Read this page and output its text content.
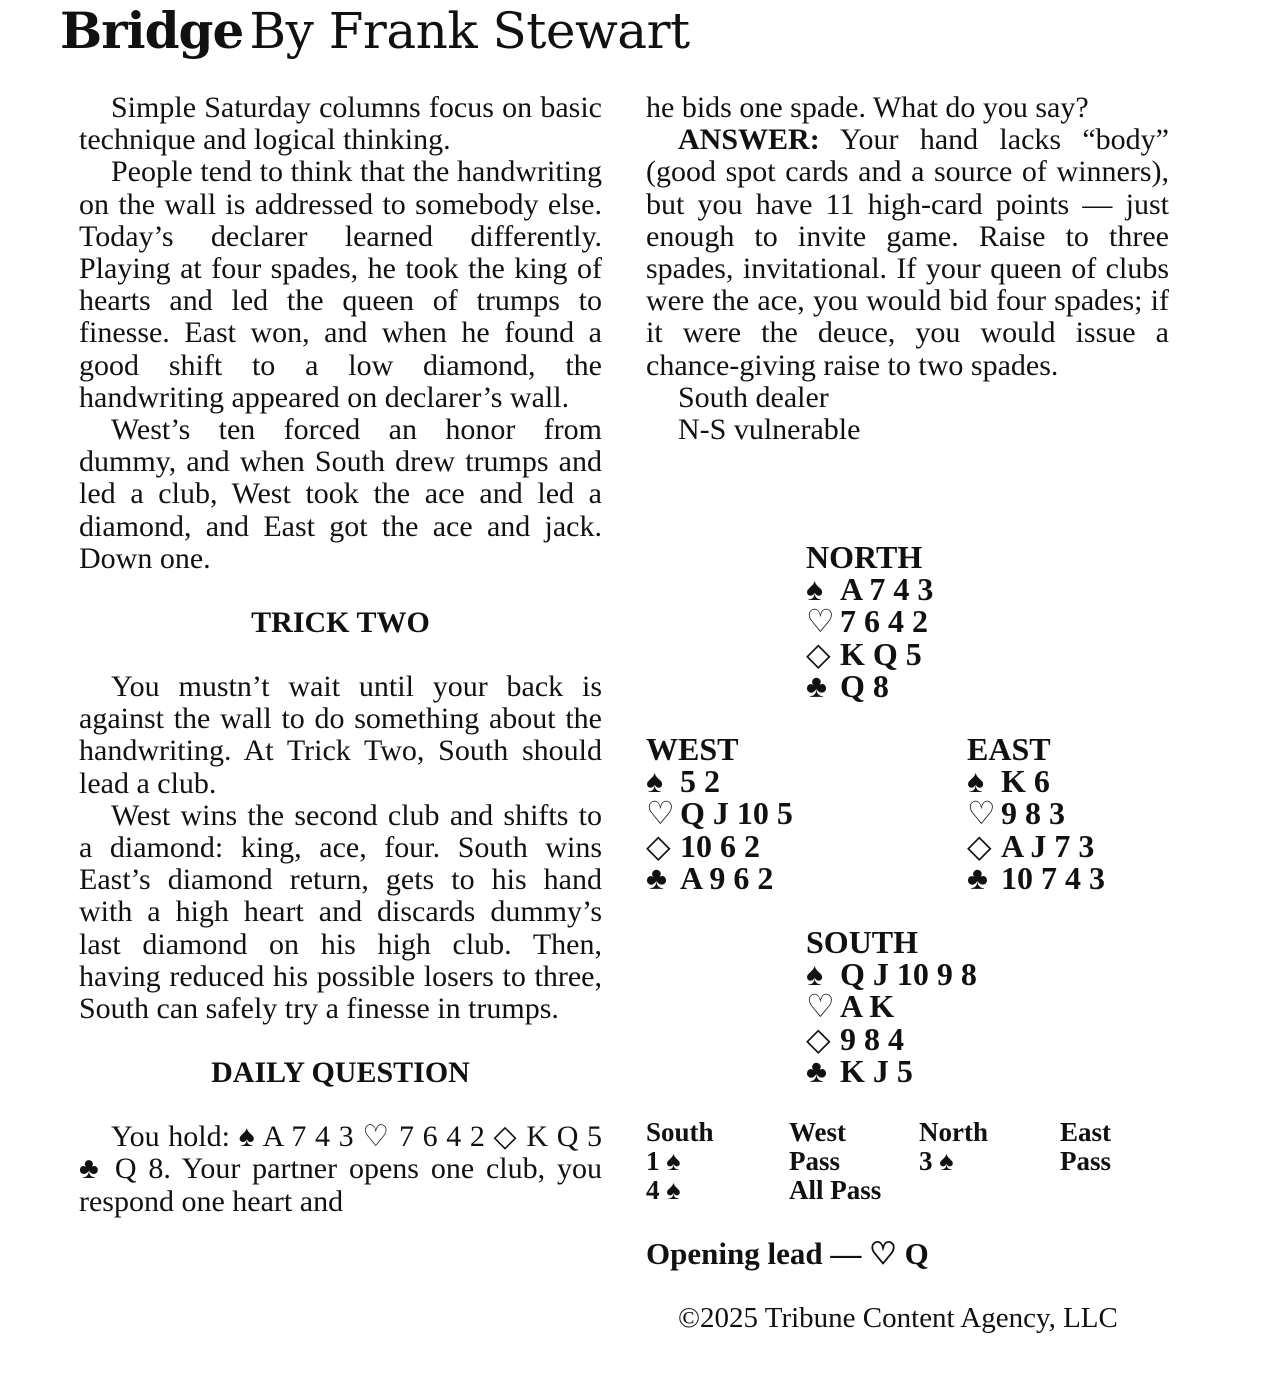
Bridge By Frank Stewart

Simple Saturday columns focus on basic technique and logical thinking.

People tend to think that the handwriting on the wall is addressed to somebody else. Today’s declarer learned differently. Playing at four spades, he took the king of hearts and led the queen of trumps to finesse. East won, and when he found a good shift to a low diamond, the handwriting appeared on declarer’s wall.

West’s ten forced an honor from dummy, and when South drew trumps and led a club, West took the ace and led a diamond, and East got the ace and jack. Down one.

TRICK TWO

You mustn’t wait until your back is against the wall to do something about the handwriting. At Trick Two, South should lead a club.

West wins the second club and shifts to a diamond: king, ace, four. South wins East’s diamond return, gets to his hand with a high heart and discards dummy’s last diamond on his high club. Then, having reduced his possible losers to three, South can safely try a finesse in trumps.

DAILY QUESTION

You hold: ♠ A 7 4 3 ♡ 7 6 4 2 ◇ K Q 5 ♣ Q 8. Your partner opens one club, you respond one heart and

he bids one spade. What do you say?

ANSWER: Your hand lacks “body” (good spot cards and a source of winners), but you have 11 high-card points — just enough to invite game. Raise to three spades, invitational. If your queen of clubs were the ace, you would bid four spades; if it were the deuce, you would issue a chance-giving raise to two spades.

South dealer
N-S vulnerable
NORTH
♠ A 7 4 3
♡ 7 6 4 2
◇ K Q 5
♣ Q 8
WEST
♠ 5 2
♡ Q J 10 5
◇ 10 6 2
♣ A 9 6 2
EAST
♠ K 6
♡ 9 8 3
◇ A J 7 3
♣ 10 7 4 3
SOUTH
♠ Q J 10 9 8
♡ A K
◇ 9 8 4
♣ K J 5
South	West	North	East
1 ♠	Pass	3 ♠	Pass
4 ♠	All Pass
Opening lead — ♡ Q
©2025 Tribune Content Agency, LLC
